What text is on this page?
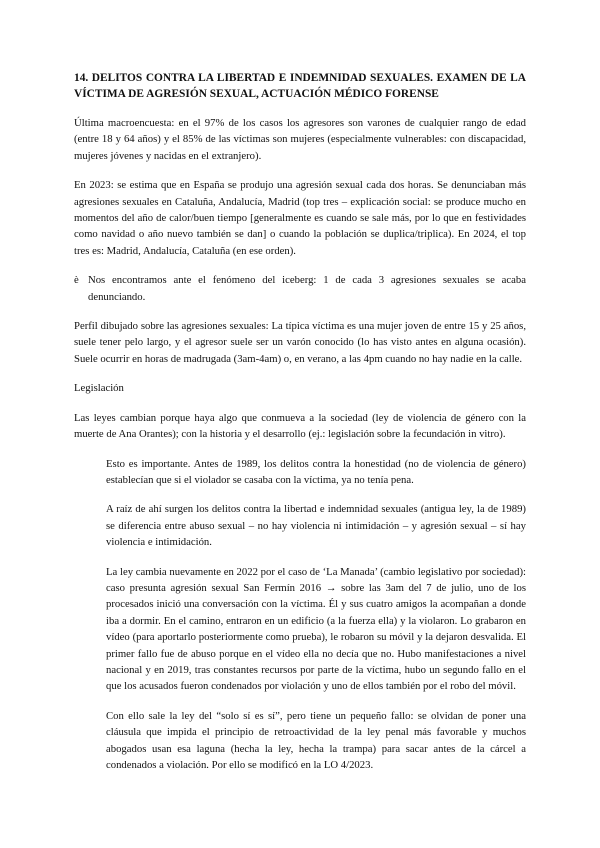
14. DELITOS CONTRA LA LIBERTAD E INDEMNIDAD SEXUALES. EXAMEN DE LA VÍCTIMA DE AGRESIÓN SEXUAL, ACTUACIÓN MÉDICO FORENSE

Última macroencuesta: en el 97% de los casos los agresores son varones de cualquier rango de edad (entre 18 y 64 años) y el 85% de las víctimas son mujeres (especialmente vulnerables: con discapacidad, mujeres jóvenes y nacidas en el extranjero).

En 2023: se estima que en España se produjo una agresión sexual cada dos horas. Se denunciaban más agresiones sexuales en Cataluña, Andalucía, Madrid (top tres – explicación social: se produce mucho en momentos del año de calor/buen tiempo [generalmente es cuando se sale más, por lo que en festividades como navidad o año nuevo también se dan] o cuando la población se duplica/triplica). En 2024, el top tres es: Madrid, Andalucía, Cataluña (en ese orden).

è Nos encontramos ante el fenómeno del iceberg: 1 de cada 3 agresiones sexuales se acaba denunciando.

Perfil dibujado sobre las agresiones sexuales: La típica víctima es una mujer joven de entre 15 y 25 años, suele tener pelo largo, y el agresor suele ser un varón conocido (lo has visto antes en alguna ocasión). Suele ocurrir en horas de madrugada (3am-4am) o, en verano, a las 4pm cuando no hay nadie en la calle.

Legislación

Las leyes cambian porque haya algo que conmueva a la sociedad (ley de violencia de género con la muerte de Ana Orantes); con la historia y el desarrollo (ej.: legislación sobre la fecundación in vitro).

Esto es importante. Antes de 1989, los delitos contra la honestidad (no de violencia de género) establecían que si el violador se casaba con la víctima, ya no tenía pena.

A raíz de ahí surgen los delitos contra la libertad e indemnidad sexuales (antigua ley, la de 1989) se diferencia entre abuso sexual – no hay violencia ni intimidación – y agresión sexual – sí hay violencia e intimidación.

La ley cambia nuevamente en 2022 por el caso de ‘La Manada’ (cambio legislativo por sociedad): caso presunta agresión sexual San Fermín 2016 → sobre las 3am del 7 de julio, uno de los procesados inició una conversación con la víctima. Él y sus cuatro amigos la acompañan a donde iba a dormir. En el camino, entraron en un edificio (a la fuerza ella) y la violaron. Lo grabaron en vídeo (para aportarlo posteriormente como prueba), le robaron su móvil y la dejaron desvalida. El primer fallo fue de abuso porque en el vídeo ella no decía que no. Hubo manifestaciones a nivel nacional y en 2019, tras constantes recursos por parte de la víctima, hubo un segundo fallo en el que los acusados fueron condenados por violación y uno de ellos también por el robo del móvil.

Con ello sale la ley del “solo sí es sí”, pero tiene un pequeño fallo: se olvidan de poner una cláusula que impida el principio de retroactividad de la ley penal más favorable y muchos abogados usan esa laguna (hecha la ley, hecha la trampa) para sacar antes de la cárcel a condenados a violación. Por ello se modificó en la LO 4/2023.
